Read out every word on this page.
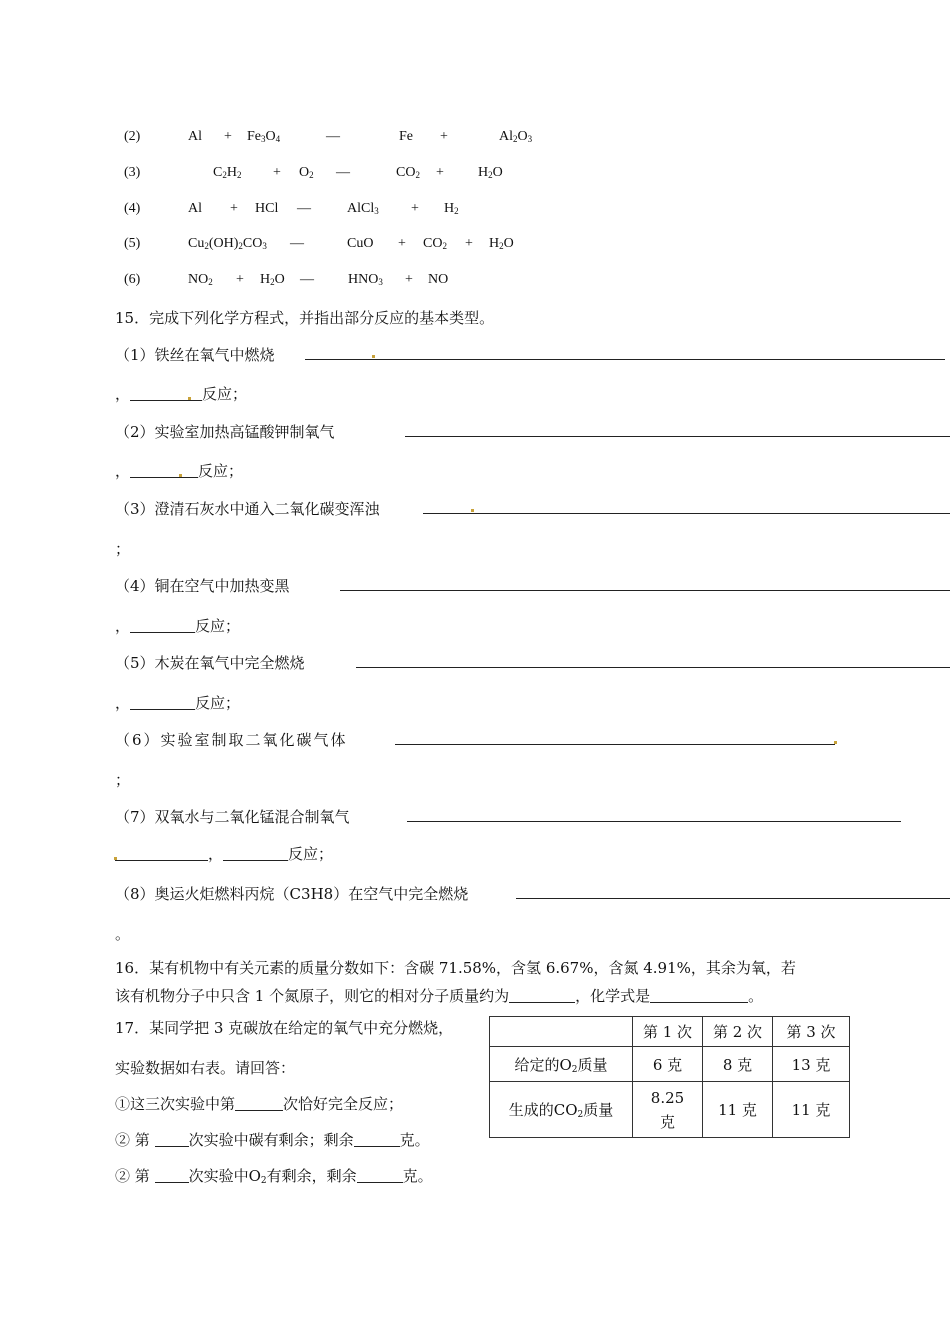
(2)	$Al + Fe_3O_4$	—	Fe +	$Al_2O_3$
(3)	$C_2H_2 + O_2$ —	$CO_2 + H_2O$
(4)	Al + HCl —	AlCl$_3$ + $H_2$
(5)	$Cu_2(OH)_2CO_3$ —	CuO + $CO_2 + H_2O$
(6)	$NO_2 + H_2O$ — $HNO_3$ + NO
15．完成下列化学方程式，并指出部分反应的基本类型。
（1）铁丝在氧气中燃烧
，	反应；
（2）实验室加热高锰酸钾制氧气
，	反应；
（3）澄清石灰水中通入二氧化碳变浑浊
；
（4）铜在空气中加热变黑
，	反应；
（5）木炭在氧气中完全燃烧
，	反应；
（6）实验室制取二氧化碳气体
；
（7）双氧水与二氧化锰混合制氧气
，	反应；
（8）奥运火炬燃料丙烷（C3H8）在空气中完全燃烧
。
16．某有机物中有关元素的质量分数如下：含碳 71.58%，含氢 6.67%，含氮 4.91%，其余为氧，若
该有机物分子中只含 1 个氮原子，则它的相对分子质量约为	，化学式是	。
17．某同学把 3 克碳放在给定的氧气中充分燃烧，
实验数据如右表。请回答：
①这三次实验中第	次恰好完全反应；
② 第	次实验中碳有剩余；剩余	克。
② 第	次实验中$O_2$有剩余，剩余	克。
	第 1 次	第 2 次	第 3 次
给定的$O_2$质量	6 克	8 克	13 克
生成的$CO_2$质量	8.25 克	11 克	11 克
